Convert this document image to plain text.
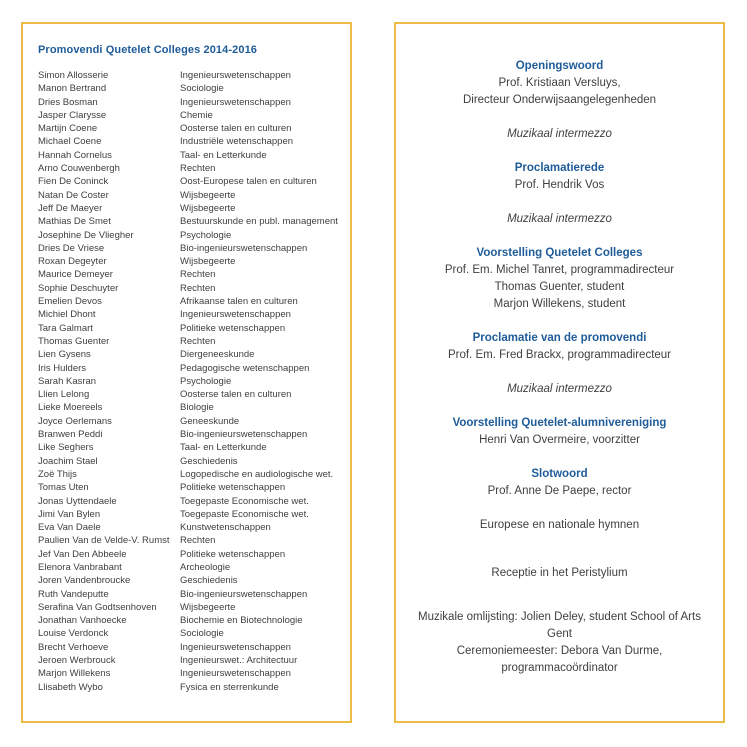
Promovendi Quetelet Colleges 2014-2016
Simon Allosserie	Ingenieurswetenschappen
Manon Bertrand	Sociologie
Dries Bosman	Ingenieurswetenschappen
Jasper Clarysse	Chemie
Martijn Coene	Oosterse talen en culturen
Michael Coene	Industriële wetenschappen
Hannah Cornelus	Taal- en Letterkunde
Arno Couwenbergh	Rechten
Fien De Coninck	Oost-Europese talen en culturen
Natan De Coster	Wijsbegeerte
Jeff De Maeyer	Wijsbegeerte
Mathias De Smet	Bestuurskunde en publ. management
Josephine De Vliegher	Psychologie
Dries De Vriese	Bio-ingenieurswetenschappen
Roxan Degeyter	Wijsbegeerte
Maurice Demeyer	Rechten
Sophie Deschuyter	Rechten
Emelien Devos	Afrikaanse talen en culturen
Michiel Dhont	Ingenieurswetenschappen
Tara Galmart	Politieke wetenschappen
Thomas Guenter	Rechten
Lien Gysens	Diergeneeskunde
Iris Hulders	Pedagogische wetenschappen
Sarah Kasran	Psychologie
Llien Lelong	Oosterse talen en culturen
Lieke Moereels	Biologie
Joyce Oerlemans	Geneeskunde
Branwen Peddi	Bio-ingenieurswetenschappen
Like Seghers	Taal- en Letterkunde
Joachim Stael	Geschiedenis
Zoë Thijs	Logopedische en audiologische wet.
Tomas Uten	Politieke wetenschappen
Jonas Uyttendaele	Toegepaste Economische wet.
Jimi Van Bylen	Toegepaste Economische wet.
Eva Van Daele	Kunstwetenschappen
Paulien Van de Velde-V. Rumst	Rechten
Jef Van Den Abbeele	Politieke wetenschappen
Elenora Vanbrabant	Archeologie
Joren Vandenbroucke	Geschiedenis
Ruth Vandeputte	Bio-ingenieurswetenschappen
Serafina Van Godtsenhoven	Wijsbegeerte
Jonathan Vanhoecke	Biochemie en Biotechnologie
Louise Verdonck	Sociologie
Brecht Verhoeve	Ingenieurswetenschappen
Jeroen Werbrouck	Ingenieurswet.: Architectuur
Marjon Willekens	Ingenieurswetenschappen
Llisabeth Wybo	Fysica en sterrenkunde
Openingswoord
Prof. Kristiaan Versluys,
Directeur Onderwijsaangelegenheden
Muzikaal intermezzo
Proclamatierede
Prof. Hendrik Vos
Muzikaal intermezzo
Voorstelling Quetelet Colleges
Prof. Em. Michel Tanret, programmadirecteur
Thomas Guenter, student
Marjon Willekens, student
Proclamatie van de promovendi
Prof. Em. Fred Brackx, programmadirecteur
Muzikaal intermezzo
Voorstelling Quetelet-alumnivereniging
Henri Van Overmeire, voorzitter
Slotwoord
Prof. Anne De Paepe, rector
Europese en nationale hymnen
Receptie in het Peristylium
Muzikale omlijsting: Jolien Deley, student School of Arts Gent
Ceremoniemeester: Debora Van Durme, programmacoördinator
